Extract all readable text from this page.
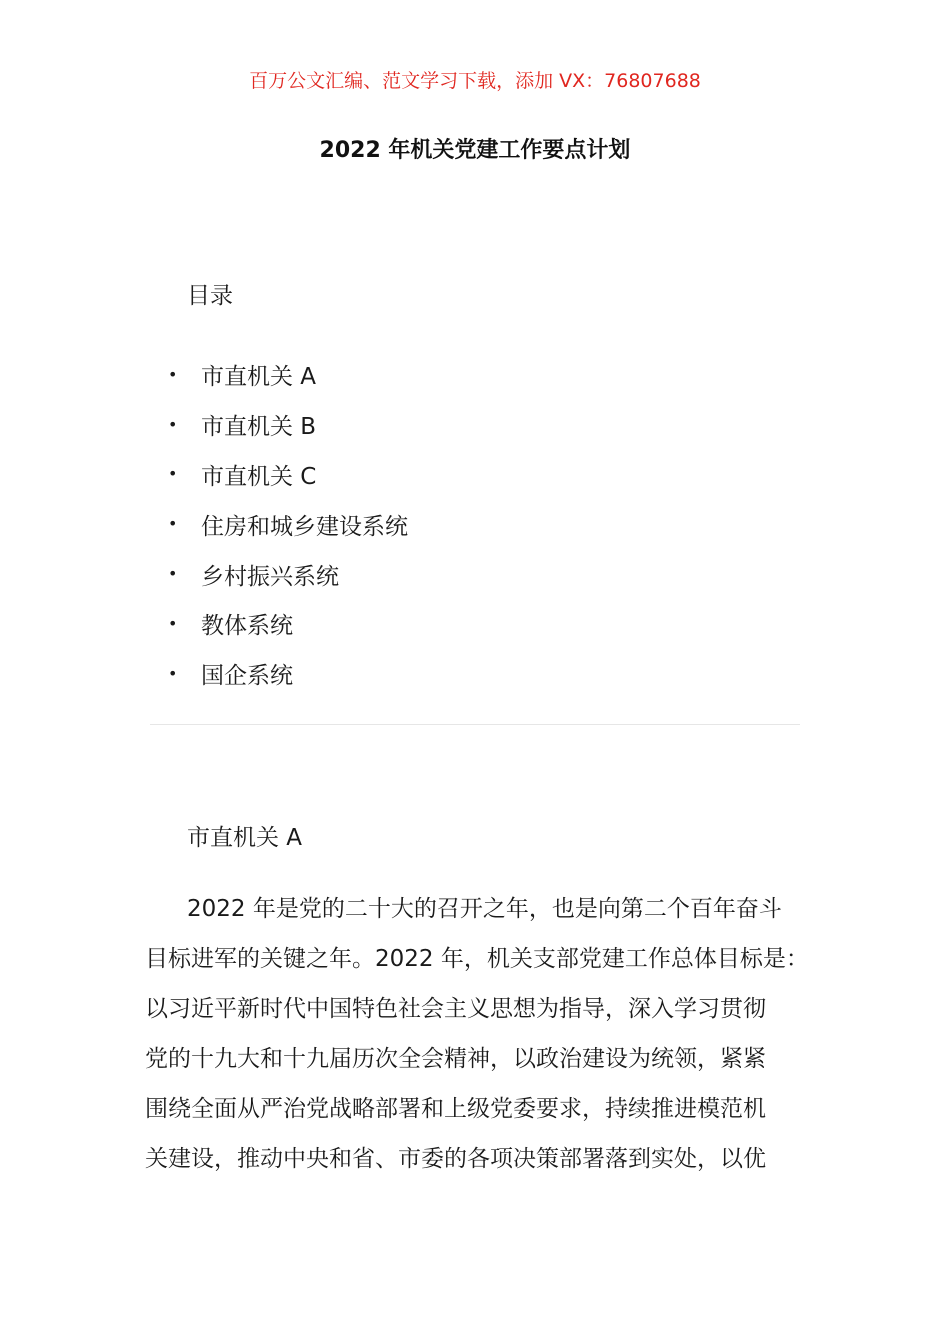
百万公文汇编、范文学习下载，添加 VX：76807688
2022 年机关党建工作要点计划
目录
•	市直机关 A
•	市直机关 B
•	市直机关 C
•	住房和城乡建设系统
•	乡村振兴系统
•	教体系统
•	国企系统
市直机关 A
2022 年是党的二十大的召开之年，也是向第二个百年奋斗
目标进军的关键之年。2022 年，机关支部党建工作总体目标是：
以习近平新时代中国特色社会主义思想为指导，深入学习贯彻
党的十九大和十九届历次全会精神，以政治建设为统领，紧紧
围绕全面从严治党战略部署和上级党委要求，持续推进模范机
关建设，推动中央和省、市委的各项决策部署落到实处，以优
